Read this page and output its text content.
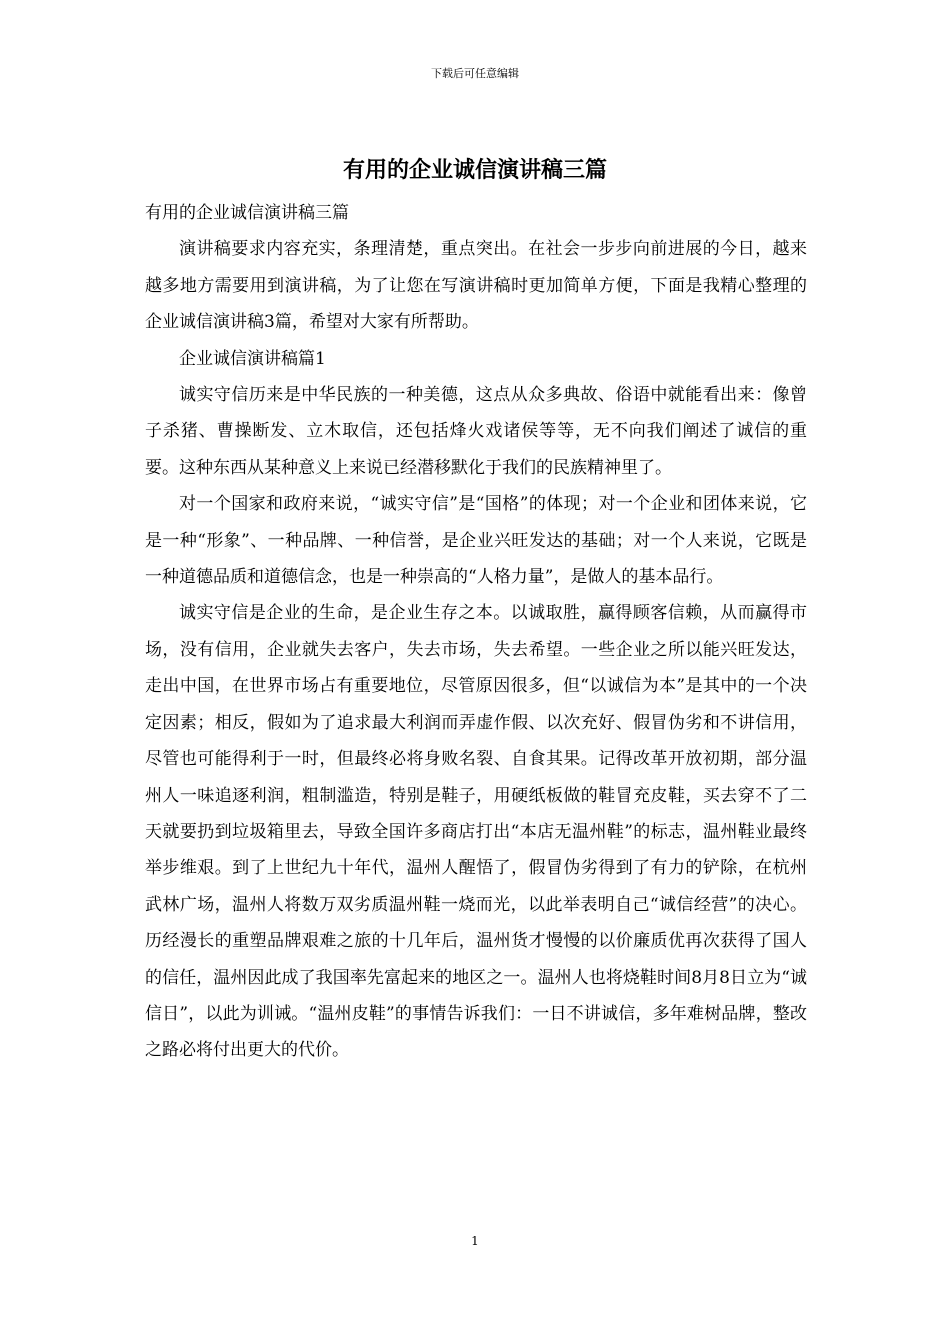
下载后可任意编辑
有用的企业诚信演讲稿三篇

有用的企业诚信演讲稿三篇

演讲稿要求内容充实，条理清楚，重点突出。在社会一步步向前进展的今日，越来越多地方需要用到演讲稿，为了让您在写演讲稿时更加简单方便，下面是我精心整理的企业诚信演讲稿3篇，希望对大家有所帮助。

企业诚信演讲稿篇1

诚实守信历来是中华民族的一种美德，这点从众多典故、俗语中就能看出来：像曾子杀猪、曹操断发、立木取信，还包括烽火戏诸侯等等，无不向我们阐述了诚信的重要。这种东西从某种意义上来说已经潜移默化于我们的民族精神里了。

对一个国家和政府来说，“诚实守信”是“国格”的体现；对一个企业和团体来说，它是一种“形象”、一种品牌、一种信誉，是企业兴旺发达的基础；对一个人来说，它既是一种道德品质和道德信念，也是一种崇高的“人格力量”，是做人的基本品行。

诚实守信是企业的生命，是企业生存之本。以诚取胜，赢得顾客信赖，从而赢得市场，没有信用，企业就失去客户，失去市场，失去希望。一些企业之所以能兴旺发达，走出中国，在世界市场占有重要地位，尽管原因很多，但“以诚信为本”是其中的一个决定因素；相反，假如为了追求最大利润而弄虚作假、以次充好、假冒伪劣和不讲信用，尽管也可能得利于一时，但最终必将身败名裂、自食其果。记得改革开放初期，部分温州人一味追逐利润，粗制滥造，特别是鞋子，用硬纸板做的鞋冒充皮鞋，买去穿不了二天就要扔到垃圾箱里去，导致全国许多商店打出“本店无温州鞋”的标志，温州鞋业最终举步维艰。到了上世纪九十年代，温州人醒悟了，假冒伪劣得到了有力的铲除，在杭州武林广场，温州人将数万双劣质温州鞋一烧而光，以此举表明自己“诚信经营”的决心。历经漫长的重塑品牌艰难之旅的十几年后，温州货才慢慢的以价廉质优再次获得了国人的信任，温州因此成了我国率先富起来的地区之一。温州人也将烧鞋时间8月8日立为“诚信日”，以此为训诫。“温州皮鞋”的事情告诉我们：一日不讲诚信，多年难树品牌，整改之路必将付出更大的代价。

1
